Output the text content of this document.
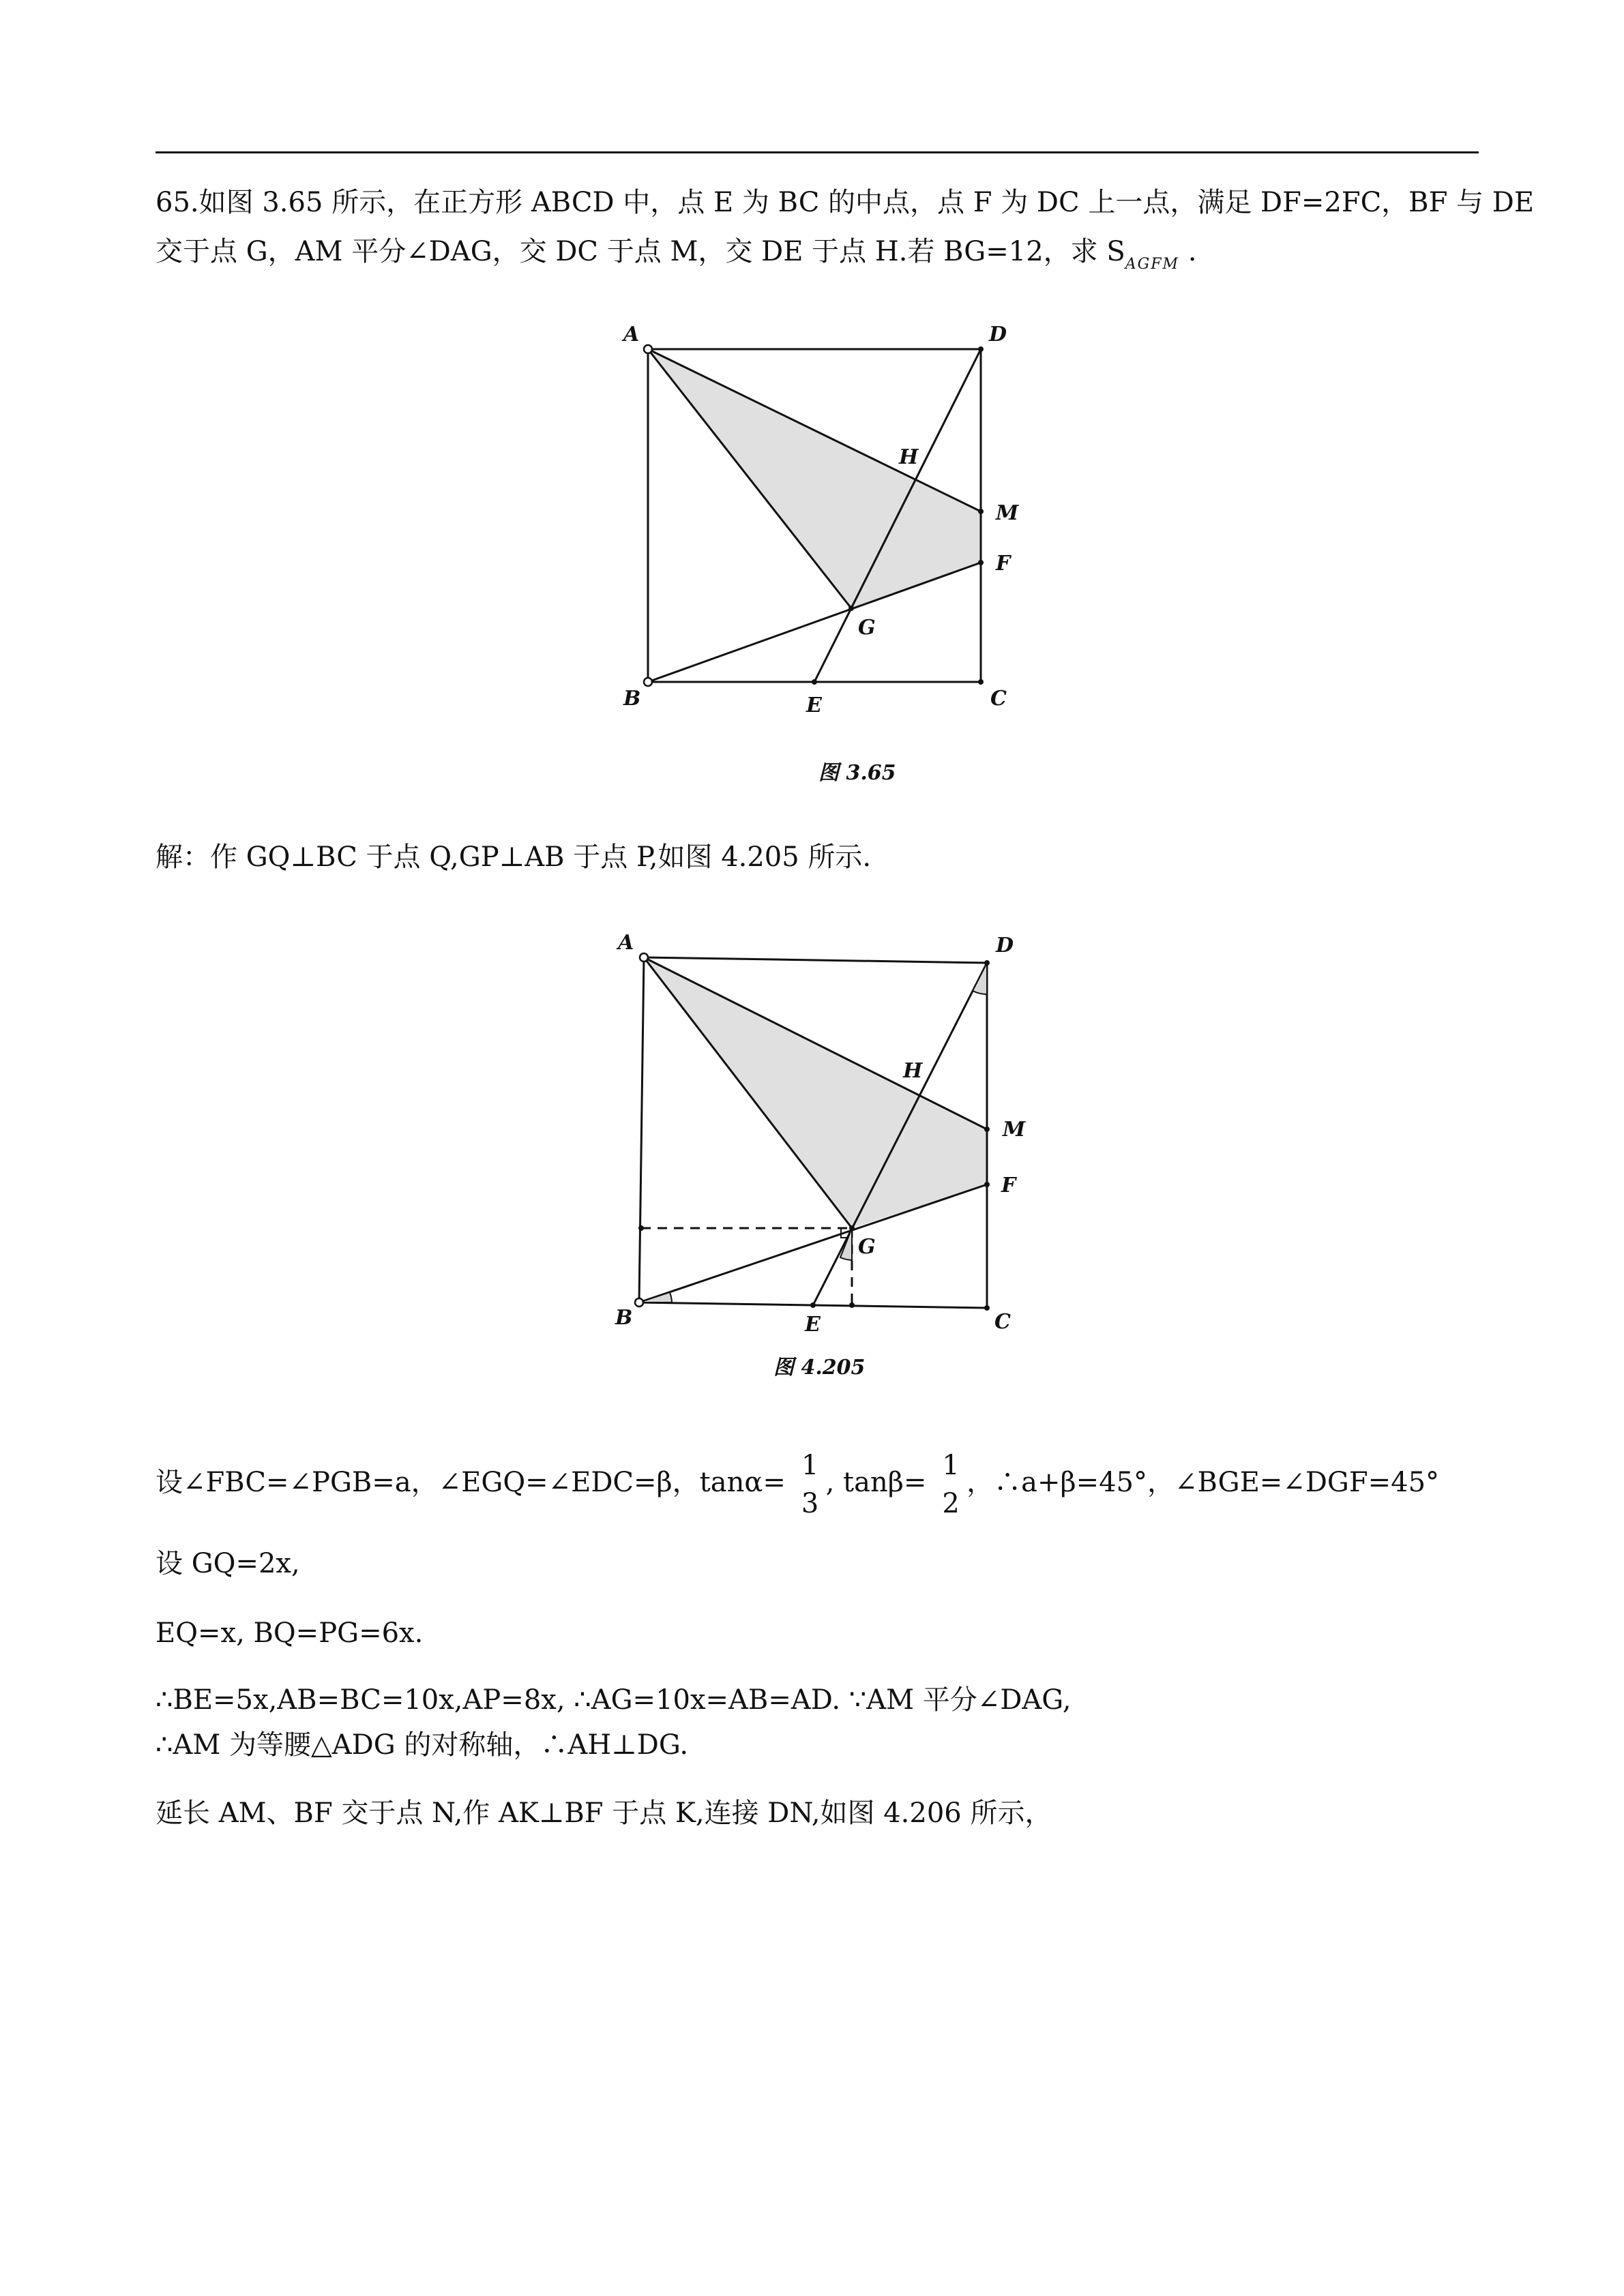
65.如图 3.65 所示，在正方形 ABCD 中，点 E 为 BC 的中点，点 F 为 DC 上一点，满足 DF=2FC，BF 与 DE
交于点 G，AM 平分∠DAG，交 DC 于点 M，交 DE 于点 H.若 BG=12，求 $S_{AGFM}$ .
A	D
H
M
F
G
B	E	C
图 3.65
解：作 GQ⊥BC 于点 Q,GP⊥AB 于点 P,如图 4.205 所示.
A	D
H
M
F
G
B	E	C
图 4.205
设∠FBC=∠PGB=a，∠EGQ=∠EDC=β，tanα=
1
3
, tanβ=
1
2
，∴a+β=45°，∠BGE=∠DGF=45°
设 GQ=2x,
EQ=x, BQ=PG=6x.
∴BE=5x,AB=BC=10x,AP=8x, ∴AG=10x=AB=AD. ∵AM 平分∠DAG,
∴AM 为等腰△ADG 的对称轴，∴AH⊥DG.
延长 AM、BF 交于点 N,作 AK⊥BF 于点 K,连接 DN,如图 4.206 所示，
